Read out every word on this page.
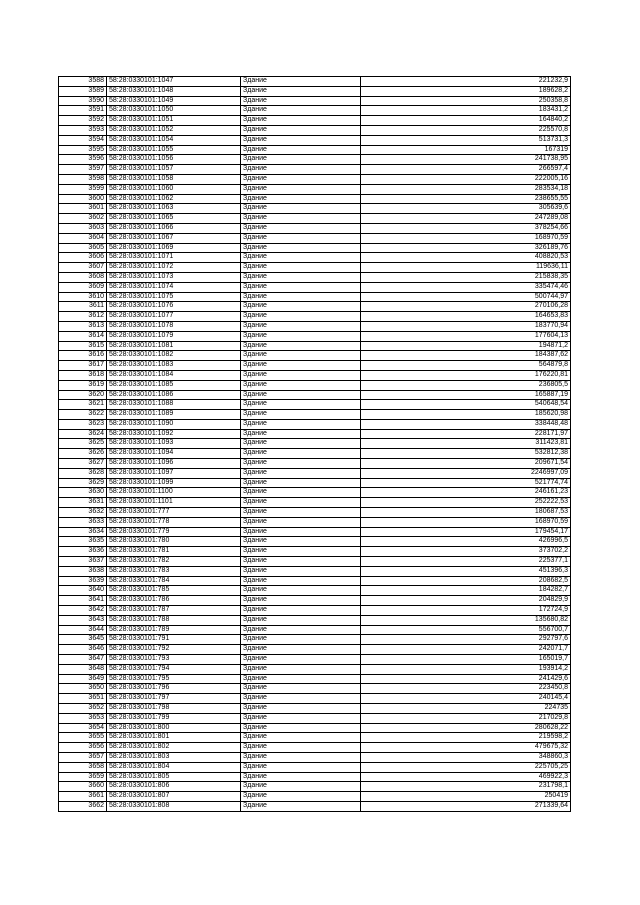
3588	58:28:0330101:1047	Здание	221232,9
3589	58:28:0330101:1048	Здание	189628,2
3590	58:28:0330101:1049	Здание	250358,8
3591	58:28:0330101:1050	Здание	183431,2
3592	58:28:0330101:1051	Здание	164840,2
3593	58:28:0330101:1052	Здание	225570,8
3594	58:28:0330101:1054	Здание	513731,3
3595	58:28:0330101:1055	Здание	167319
3596	58:28:0330101:1056	Здание	241738,95
3597	58:28:0330101:1057	Здание	266597,4
3598	58:28:0330101:1058	Здание	222005,16
3599	58:28:0330101:1060	Здание	283534,18
3600	58:28:0330101:1062	Здание	238655,55
3601	58:28:0330101:1063	Здание	305639,6
3602	58:28:0330101:1065	Здание	247289,08
3603	58:28:0330101:1066	Здание	378254,66
3604	58:28:0330101:1067	Здание	168970,59
3605	58:28:0330101:1069	Здание	326189,76
3606	58:28:0330101:1071	Здание	408820,53
3607	58:28:0330101:1072	Здание	119636,11
3608	58:28:0330101:1073	Здание	215838,35
3609	58:28:0330101:1074	Здание	335474,46
3610	58:28:0330101:1075	Здание	500744,97
3611	58:28:0330101:1076	Здание	270106,28
3612	58:28:0330101:1077	Здание	164653,83
3613	58:28:0330101:1078	Здание	183770,94
3614	58:28:0330101:1079	Здание	177604,13
3615	58:28:0330101:1081	Здание	194871,2
3616	58:28:0330101:1082	Здание	184387,62
3617	58:28:0330101:1083	Здание	564879,8
3618	58:28:0330101:1084	Здание	176220,81
3619	58:28:0330101:1085	Здание	236805,5
3620	58:28:0330101:1086	Здание	165887,19
3621	58:28:0330101:1088	Здание	540648,54
3622	58:28:0330101:1089	Здание	185620,98
3623	58:28:0330101:1090	Здание	338448,48
3624	58:28:0330101:1092	Здание	228171,97
3625	58:28:0330101:1093	Здание	311423,81
3626	58:28:0330101:1094	Здание	532812,38
3627	58:28:0330101:1096	Здание	209671,54
3628	58:28:0330101:1097	Здание	2246997,09
3629	58:28:0330101:1099	Здание	521774,74
3630	58:28:0330101:1100	Здание	246161,23
3631	58:28:0330101:1101	Здание	252222,53
3632	58:28:0330101:777	Здание	180687,53
3633	58:28:0330101:778	Здание	168970,59
3634	58:28:0330101:779	Здание	179454,17
3635	58:28:0330101:780	Здание	426996,5
3636	58:28:0330101:781	Здание	373702,2
3637	58:28:0330101:782	Здание	225377,1
3638	58:28:0330101:783	Здание	451396,3
3639	58:28:0330101:784	Здание	208682,5
3640	58:28:0330101:785	Здание	184282,7
3641	58:28:0330101:786	Здание	204829,9
3642	58:28:0330101:787	Здание	172724,9
3643	58:28:0330101:788	Здание	135680,82
3644	58:28:0330101:789	Здание	556700,7
3645	58:28:0330101:791	Здание	292797,6
3646	58:28:0330101:792	Здание	242071,7
3647	58:28:0330101:793	Здание	165019,7
3648	58:28:0330101:794	Здание	193914,2
3649	58:28:0330101:795	Здание	241429,6
3650	58:28:0330101:796	Здание	223450,8
3651	58:28:0330101:797	Здание	240145,4
3652	58:28:0330101:798	Здание	224735
3653	58:28:0330101:799	Здание	217029,8
3654	58:28:0330101:800	Здание	280628,22
3655	58:28:0330101:801	Здание	219598,2
3656	58:28:0330101:802	Здание	479675,32
3657	58:28:0330101:803	Здание	348860,3
3658	58:28:0330101:804	Здание	225705,25
3659	58:28:0330101:805	Здание	469922,3
3660	58:28:0330101:806	Здание	231798,1
3661	58:28:0330101:807	Здание	250419
3662	58:28:0330101:808	Здание	271339,64
